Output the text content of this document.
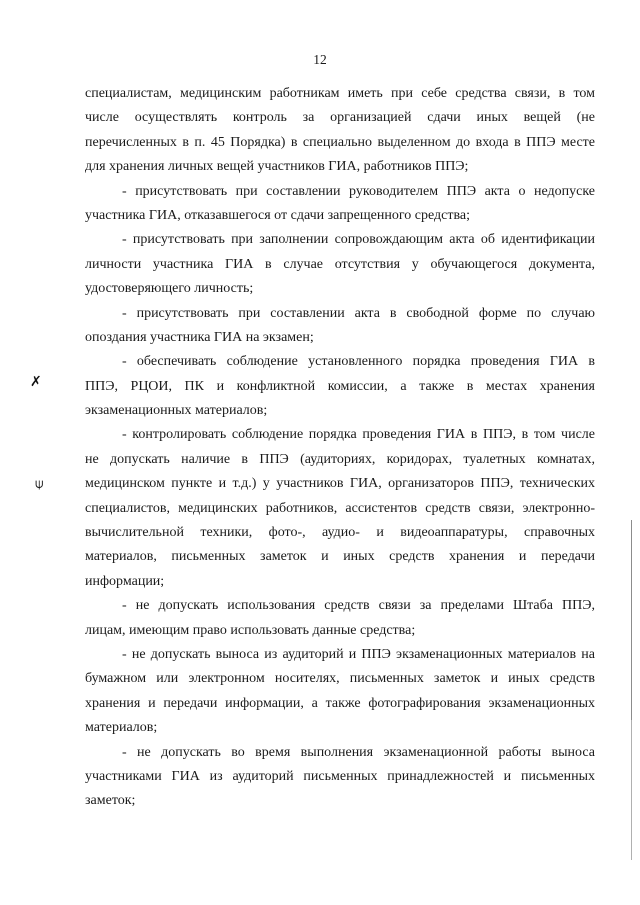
12
✗
⍦
специалистам, медицинским работникам иметь при себе средства связи, в том
числе осуществлять контроль за организацией сдачи иных вещей (не
перечисленных в п. 45 Порядка) в специально выделенном до входа в ППЭ месте
для хранения личных вещей участников ГИА, работников ППЭ;
- присутствовать при составлении руководителем ППЭ акта о недопуске
участника ГИА, отказавшегося от сдачи запрещенного средства;
- присутствовать при заполнении сопровождающим акта об идентификации
личности участника ГИА в случае отсутствия у обучающегося документа,
удостоверяющего личность;
- присутствовать при составлении акта в свободной форме по случаю
опоздания участника ГИА на экзамен;
- обеспечивать соблюдение установленного порядка проведения ГИА в
ППЭ, РЦОИ, ПК и конфликтной комиссии, а также в местах хранения
экзаменационных материалов;
- контролировать соблюдение порядка проведения ГИА в ППЭ, в том числе
не допускать наличие в ППЭ (аудиториях, коридорах, туалетных комнатах,
медицинском пункте и т.д.) у участников ГИА, организаторов ППЭ, технических
специалистов, медицинских работников, ассистентов средств связи, электронно-
вычислительной техники, фото-, аудио- и видеоаппаратуры, справочных
материалов, письменных заметок и иных средств хранения и передачи
информации;
- не допускать использования средств связи за пределами Штаба ППЭ,
лицам, имеющим право использовать данные средства;
- не допускать выноса из аудиторий и ППЭ экзаменационных материалов на
бумажном или электронном носителях, письменных заметок и иных средств
хранения и передачи информации, а также фотографирования экзаменационных
материалов;
- не допускать во время выполнения экзаменационной работы выноса
участниками ГИА из аудиторий письменных принадлежностей и письменных
заметок;
